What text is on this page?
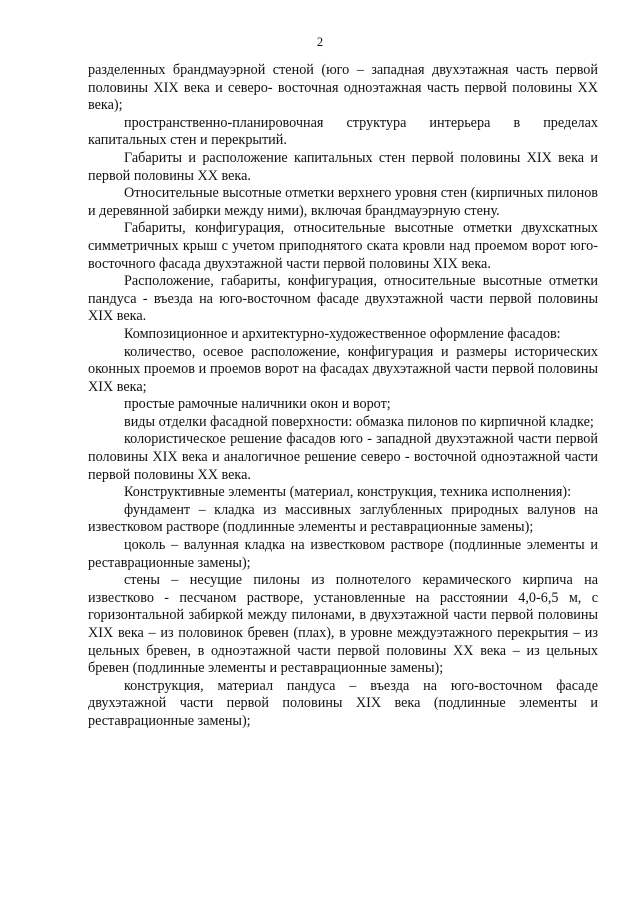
2

разделенных брандмауэрной стеной (юго – западная двухэтажная часть первой половины XIX века и северо- восточная одноэтажная часть первой половины XX века);

пространственно-планировочная структура интерьера в пределах капитальных стен и перекрытий.

Габариты и расположение капитальных стен первой половины XIX века и первой половины XX века.

Относительные высотные отметки верхнего уровня стен (кирпичных пилонов и деревянной забирки между ними), включая брандмауэрную стену.

Габариты, конфигурация, относительные высотные отметки двухскатных симметричных крыш с учетом приподнятого ската кровли над проемом ворот юго-восточного фасада двухэтажной части первой половины XIX века.

Расположение, габариты, конфигурация, относительные высотные отметки пандуса - въезда на юго-восточном фасаде двухэтажной части первой половины XIX века.

Композиционное и архитектурно-художественное оформление фасадов:

количество, осевое расположение, конфигурация и размеры исторических оконных проемов и проемов ворот на фасадах двухэтажной части первой половины XIX века;

простые рамочные наличники окон и ворот;

виды отделки фасадной поверхности: обмазка пилонов по кирпичной кладке;

колористическое решение фасадов юго - западной двухэтажной части первой половины XIX века и аналогичное решение северо - восточной одноэтажной части первой половины XX века.

Конструктивные элементы (материал, конструкция, техника исполнения):

фундамент – кладка из массивных заглубленных природных валунов на известковом растворе (подлинные элементы и реставрационные замены);

цоколь – валунная кладка на известковом растворе (подлинные элементы и реставрационные замены);

стены – несущие пилоны из полнотелого керамического кирпича на известково - песчаном растворе, установленные на расстоянии 4,0-6,5 м, с горизонтальной забиркой между пилонами, в двухэтажной части первой половины XIX века – из половинок бревен (плах), в уровне междуэтажного перекрытия – из цельных бревен, в одноэтажной части первой половины XX века – из цельных бревен (подлинные элементы и реставрационные замены);

конструкция, материал пандуса – въезда на юго-восточном фасаде двухэтажной части первой половины XIX века (подлинные элементы и реставрационные замены);
